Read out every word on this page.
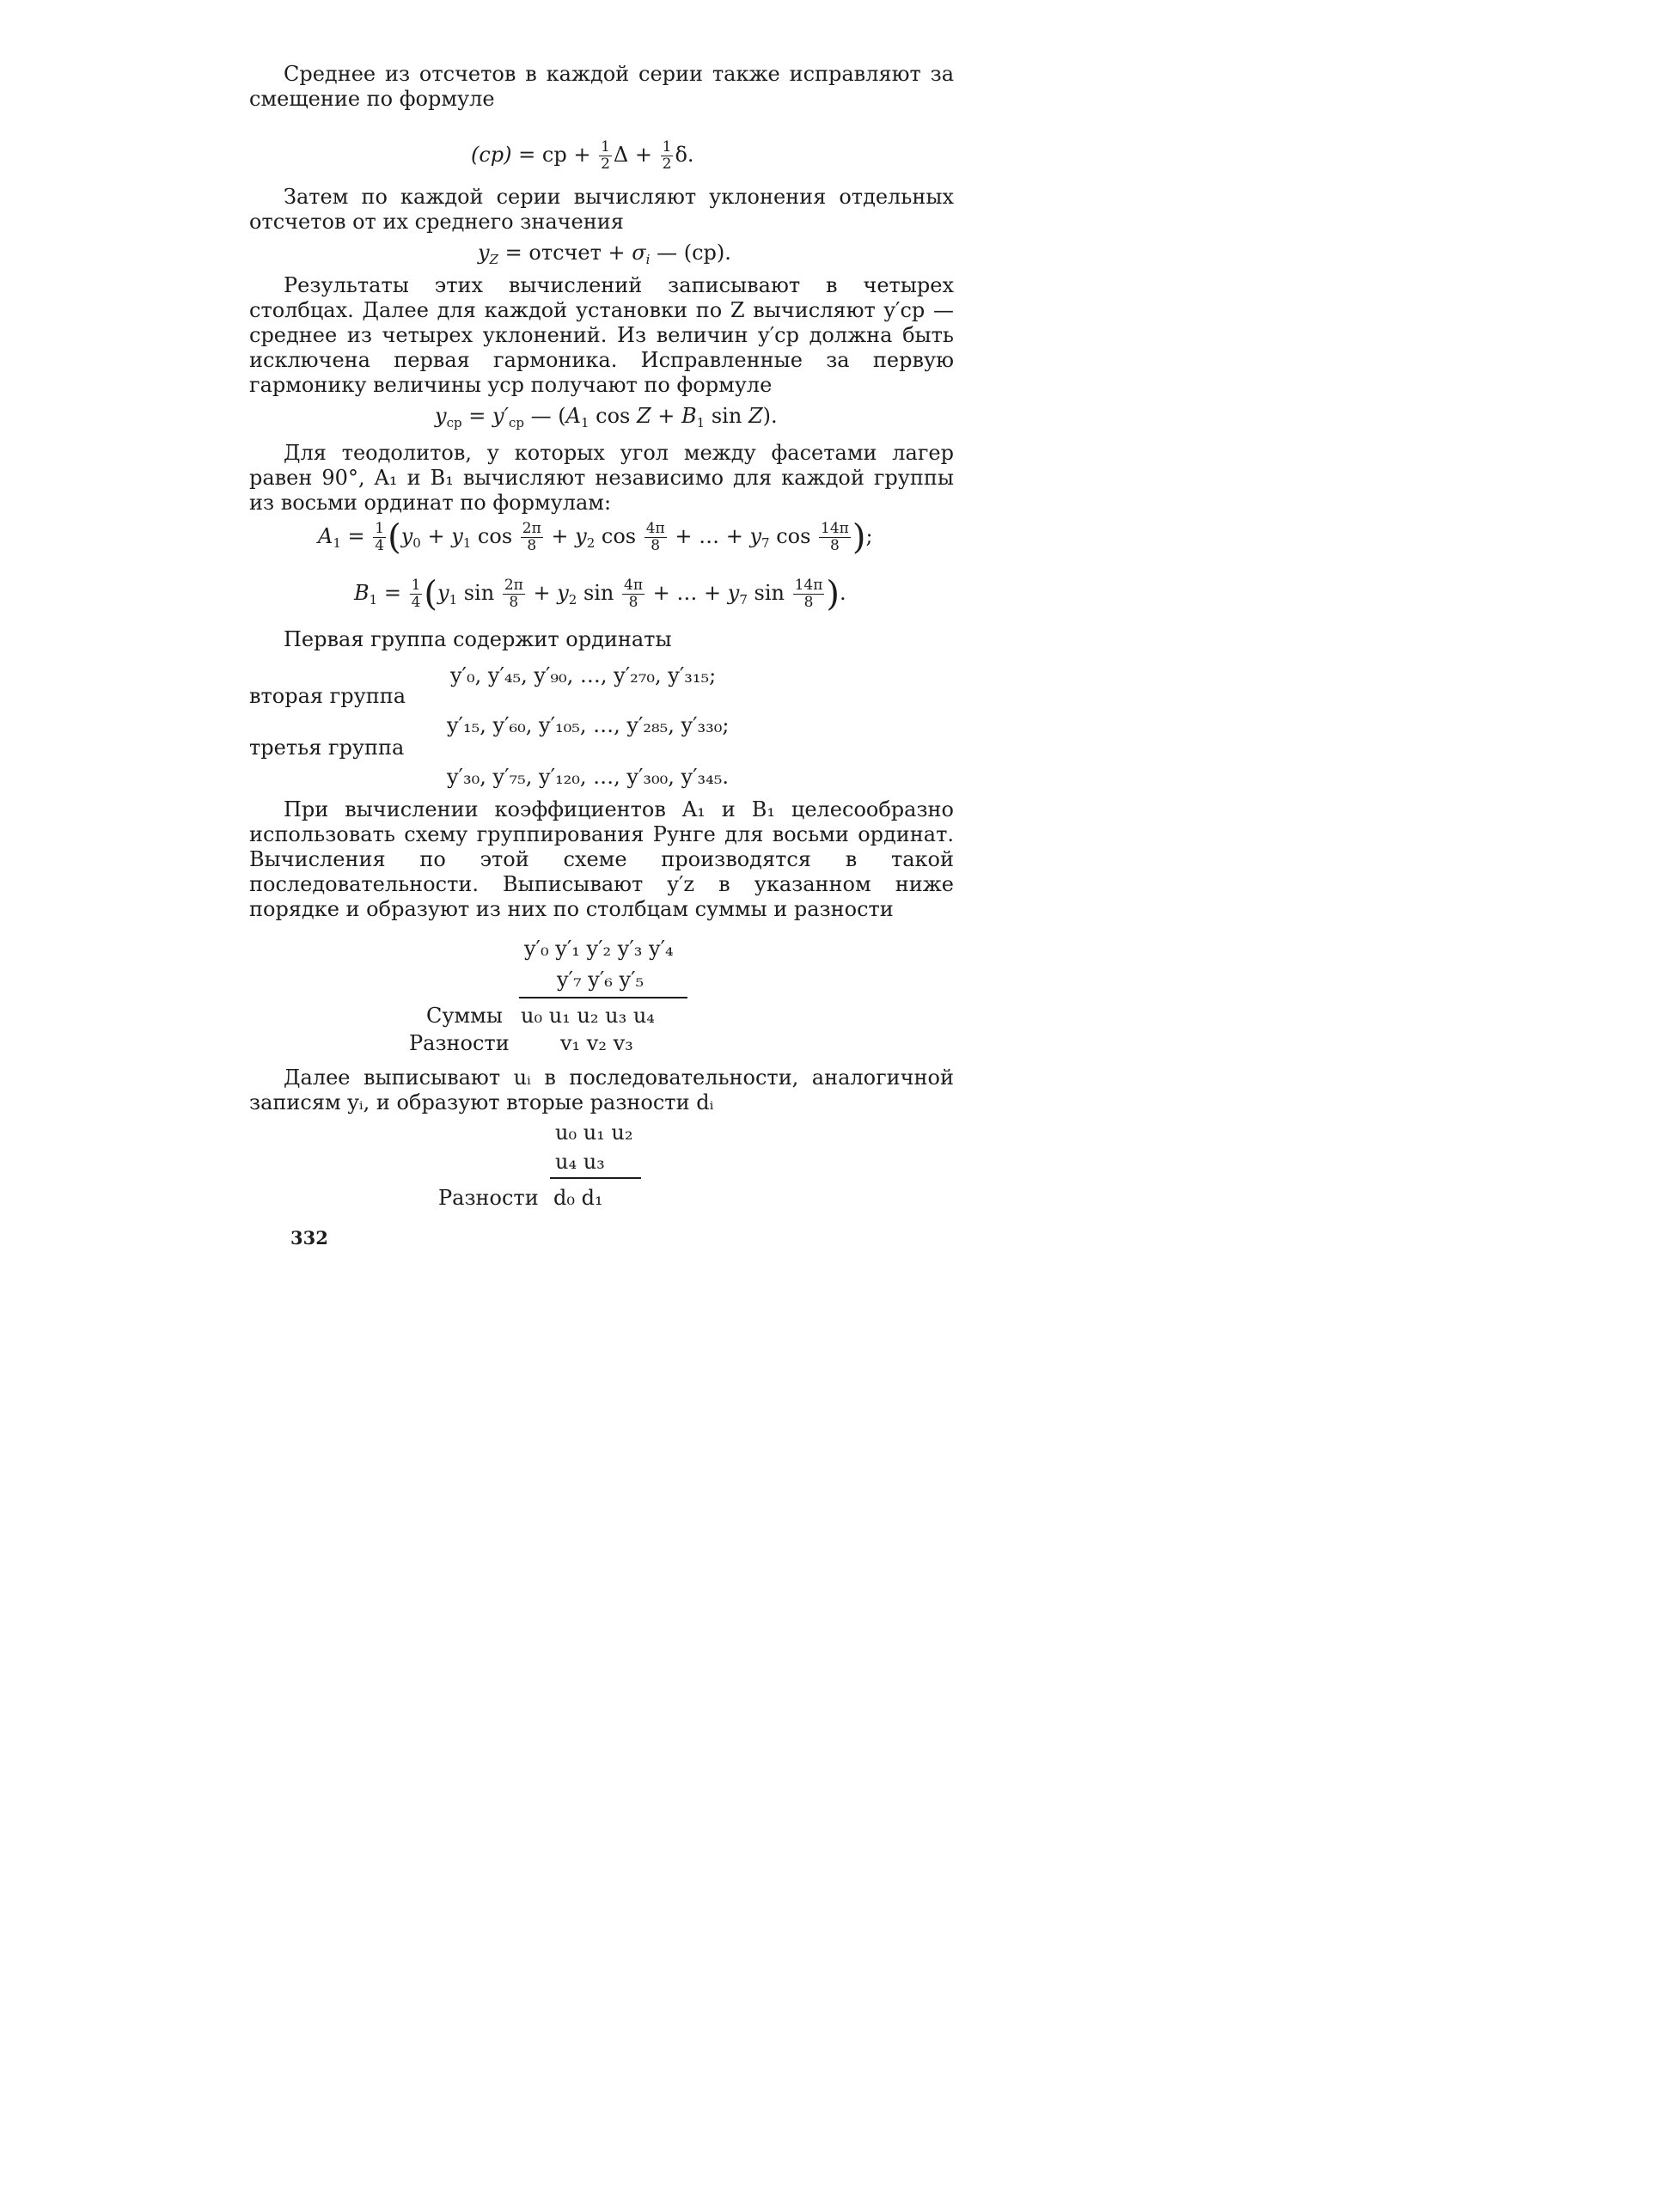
Среднее из отсчетов в каждой серии также исправляют за смещение по формуле
(ср) = ср + $\frac{1}{2}$ $\Delta + \frac{1}{2} \delta$.
Затем по каждой серии вычисляют уклонения отдельных отсчетов от их среднего значения
$y_Z$ = отсчет + $\sigma_i$ — (ср).
Результаты этих вычислений записывают в четырех столбцах. Далее для каждой установки по Z вычисляют y′ср — среднее из четырех уклонений. Из величин y′ср должна быть исключена первая гармоника. Исправленные за первую гармонику величины yср получают по формуле
$y_{ср} = y'_{ср}$ — ($A_1$ $\cos Z + B_1$ sin Z).
Для теодолитов, у которых угол между фасетами лагер равен 90°, A₁ и B₁ вычисляют независимо для каждой группы из восьми ординат по формулам:
$A_1 = \frac{1}{4} (y_0 + y_1$ $\cos \frac{2\pi}{8} + y_2$ $\cos \frac{4\pi}{8}$ + … + $y_7$ $\cos \frac{14\pi}{8}$ );
$B_1 = \frac{1}{4} (y_1$ $\sin \frac{2\pi}{8} + y_2$ $\sin \frac{4\pi}{8}$ + … + $y_7$ $\sin \frac{14\pi}{8}$ ).
Первая группа содержит ординаты
y′₀, y′₄₅, y′₉₀, …, y′₂₇₀, y′₃₁₅;
вторая группа
y′₁₅, y′₆₀, y′₁₀₅, …, y′₂₈₅, y′₃₃₀;
третья группа
y′₃₀, y′₇₅, y′₁₂₀, …, y′₃₀₀, y′₃₄₅.
При вычислении коэффициентов A₁ и B₁ целесообразно использовать схему группирования Рунге для восьми ординат. Вычисления по этой схеме производятся в такой последовательности. Выписывают y′z в указанном ниже порядке и образуют из них по столбцам суммы и разности
y′₀ y′₁ y′₂ y′₃ y′₄
y′₇ y′₆ y′₅
Суммы u₀ u₁ u₂ u₃ u₄
Разности v₁ v₂ v₃
Далее выписывают uᵢ в последовательности, аналогичной записям yᵢ, и образуют вторые разности dᵢ
u₀ u₁ u₂
u₄ u₃
Разности d₀ d₁
332
